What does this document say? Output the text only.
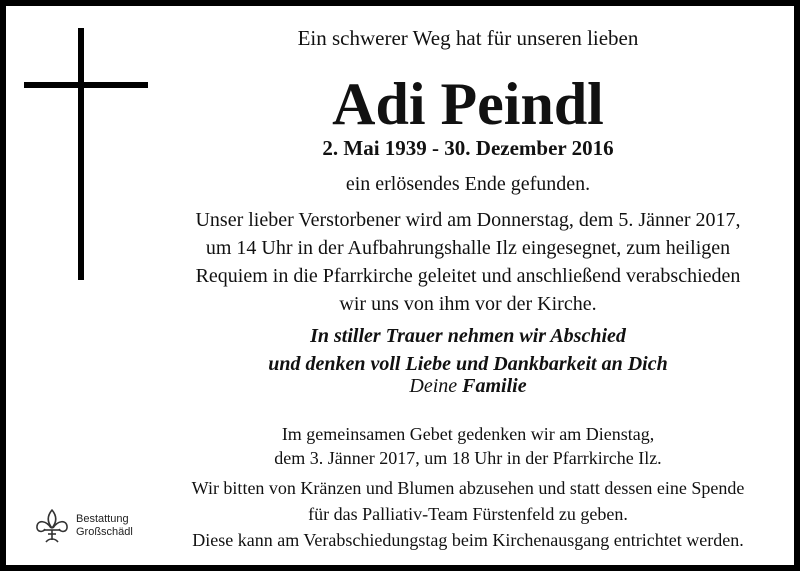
Ein schwerer Weg hat für unseren lieben
Adi Peindl
2. Mai 1939 - 30. Dezember 2016
ein erlösendes Ende gefunden.
Unser lieber Verstorbener wird am Donnerstag, dem 5. Jänner 2017,
um 14 Uhr in der Aufbahrungshalle Ilz eingesegnet, zum heiligen
Requiem in die Pfarrkirche geleitet und anschließend verabschieden
wir uns von ihm vor der Kirche.
In stiller Trauer nehmen wir Abschied
und denken voll Liebe und Dankbarkeit an Dich
Deine Familie
Im gemeinsamen Gebet gedenken wir am Dienstag,
dem 3. Jänner 2017, um 18 Uhr in der Pfarrkirche Ilz.
Wir bitten von Kränzen und Blumen abzusehen und statt dessen eine Spende
für das Palliativ-Team Fürstenfeld zu geben.
Diese kann am Verabschiedungstag beim Kirchenausgang entrichtet werden.
Bestattung
Großschädl
